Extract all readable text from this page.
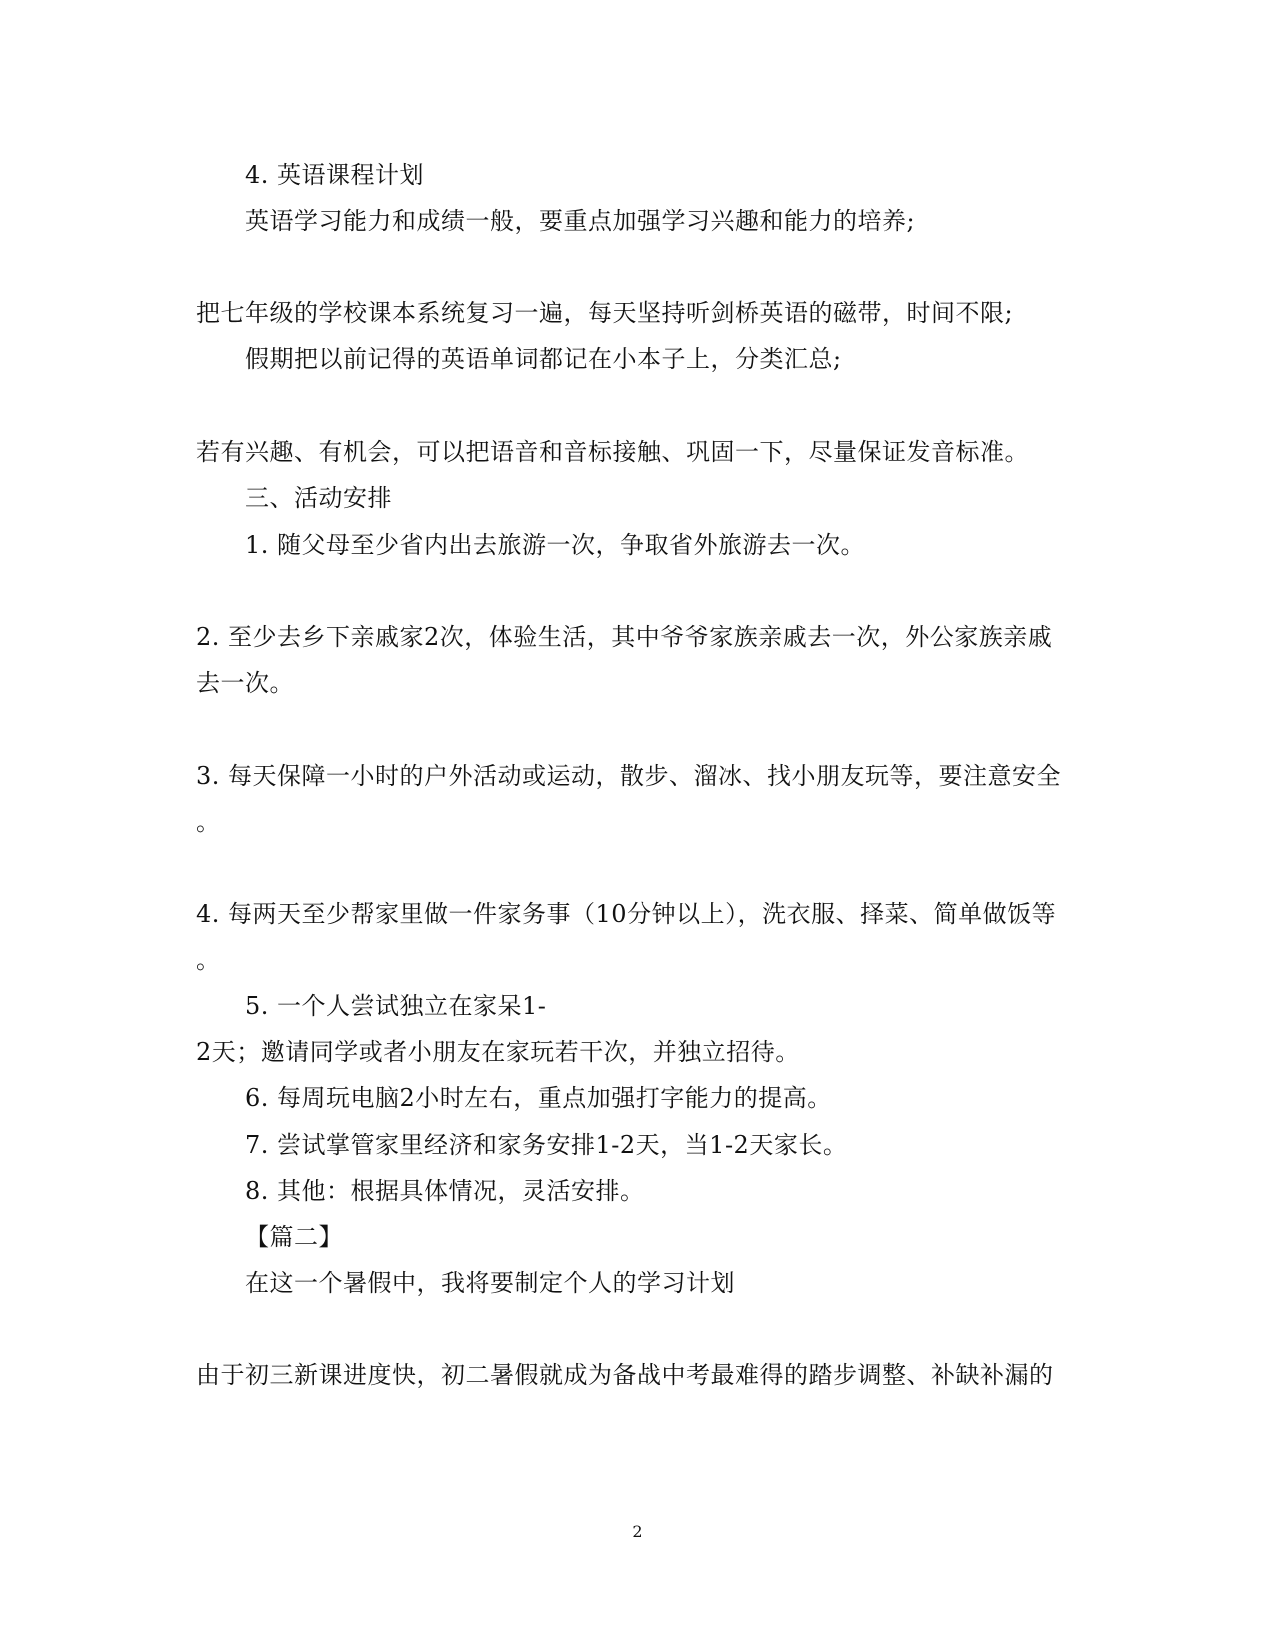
4. 英语课程计划
英语学习能力和成绩一般，要重点加强学习兴趣和能力的培养;
把七年级的学校课本系统复习一遍，每天坚持听剑桥英语的磁带，时间不限;
假期把以前记得的英语单词都记在小本子上，分类汇总;
若有兴趣、有机会，可以把语音和音标接触、巩固一下，尽量保证发音标准。
三、活动安排
1. 随父母至少省内出去旅游一次，争取省外旅游去一次。
2. 至少去乡下亲戚家2次，体验生活，其中爷爷家族亲戚去一次，外公家族亲戚
去一次。
3. 每天保障一小时的户外活动或运动，散步、溜冰、找小朋友玩等，要注意安全
。
4. 每两天至少帮家里做一件家务事（10分钟以上），洗衣服、择菜、简单做饭等
。
5. 一个人尝试独立在家呆1-
2天；邀请同学或者小朋友在家玩若干次，并独立招待。
6. 每周玩电脑2小时左右，重点加强打字能力的提高。
7. 尝试掌管家里经济和家务安排1-2天，当1-2天家长。
8. 其他：根据具体情况，灵活安排。
【篇二】
在这一个暑假中，我将要制定个人的学习计划
由于初三新课进度快，初二暑假就成为备战中考最难得的踏步调整、补缺补漏的
2
